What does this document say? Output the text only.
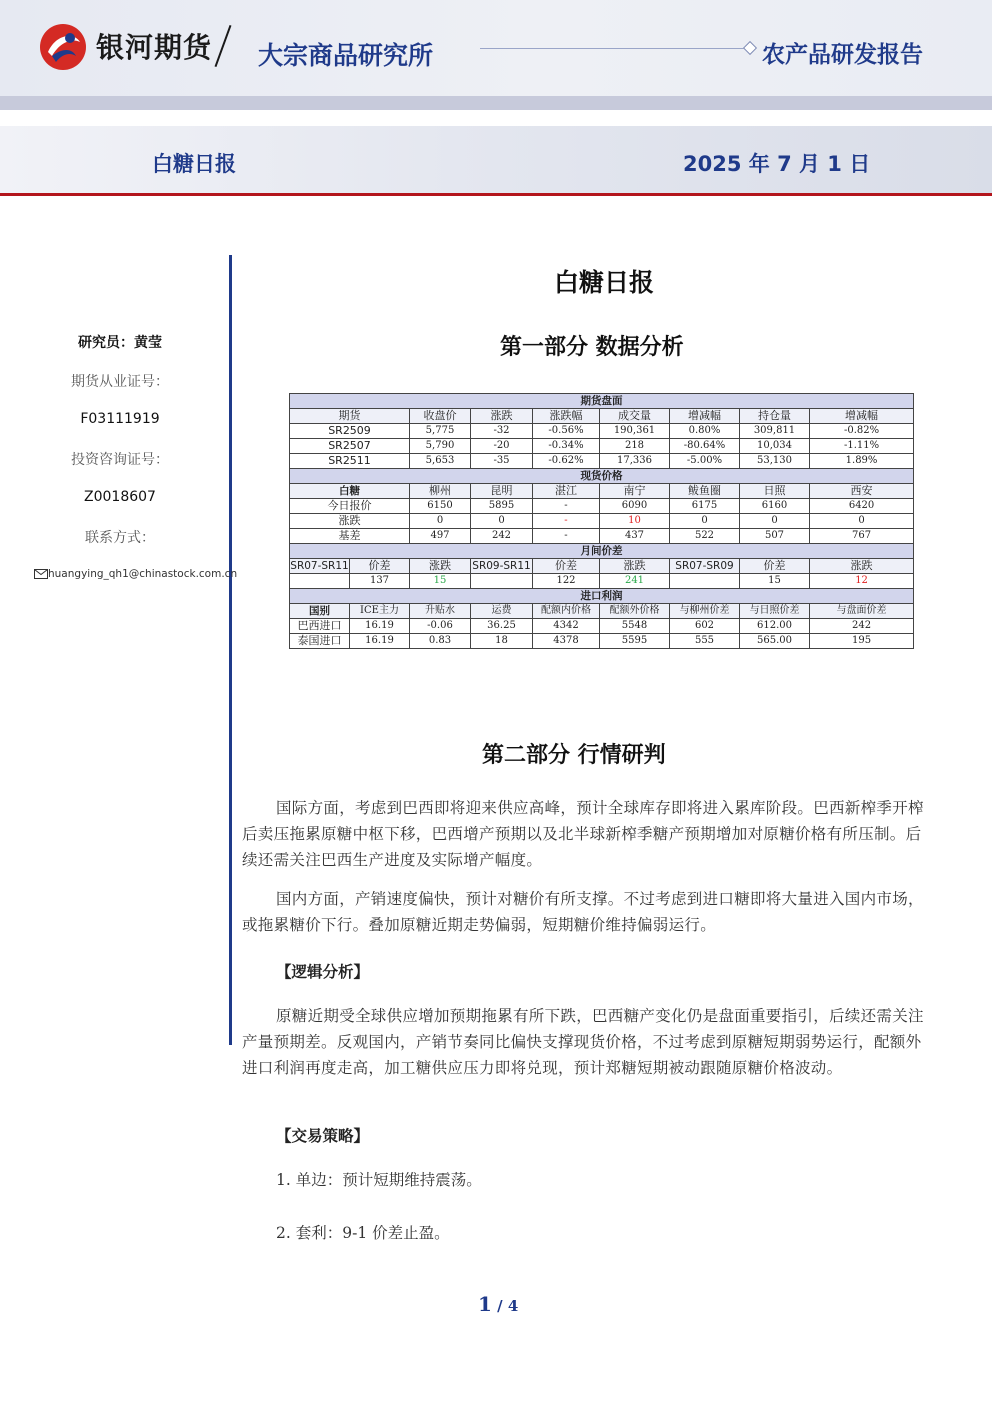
银河期货 大宗商品研究所	农产品研发报告
白糖日报	2025 年 7 月 1 日
研究员：黄莹
期货从业证号：
F03111919
投资咨询证号：
Z0018607
联系方式：
huangying_qh1@chinastock.com.cn
白糖日报
第一部分 数据分析
期货盘面								
期货		收盘价	涨跌	涨跌幅	成交量	增减幅	持仓量	增减幅
SR2509		5,775	-32	-0.56%	190,361	0.80%	309,811	-0.82%
SR2507		5,790	-20	-0.34%	218	-80.64%	10,034	-1.11%
SR2511		5,653	-35	-0.62%	17,336	-5.00%	53,130	1.89%
现货价格								
白糖		柳州	昆明	湛江	南宁	鲅鱼圈	日照	西安
今日报价		6150	5895	-	6090	6175	6160	6420
涨跌		0	0	-	10	0	0	0
基差		497	242	-	437	522	507	767
月间价差								
SR07-SR11	价差	涨跌	SR09-SR11	价差	涨跌	SR07-SR09	价差	涨跌
	137	15		122	241		15	12
进口利润								
国别	ICE主力	升贴水	运费	配额内价格	配额外价格	与柳州价差	与日照价差	与盘面价差
巴西进口	16.19	-0.06	36.25	4342	5548	602	612.00	242
泰国进口	16.19	0.83	18	4378	5595	555	565.00	195
第二部分 行情研判

国际方面，考虑到巴西即将迎来供应高峰，预计全球库存即将进入累库阶段。巴西新榨季开榨后卖压拖累原糖中枢下移，巴西增产预期以及北半球新榨季糖产预期增加对原糖价格有所压制。后续还需关注巴西生产进度及实际增产幅度。

国内方面，产销速度偏快，预计对糖价有所支撑。不过考虑到进口糖即将大量进入国内市场，或拖累糖价下行。叠加原糖近期走势偏弱，短期糖价维持偏弱运行。

【逻辑分析】

原糖近期受全球供应增加预期拖累有所下跌，巴西糖产变化仍是盘面重要指引，后续还需关注产量预期差。反观国内，产销节奏同比偏快支撑现货价格，不过考虑到原糖短期弱势运行，配额外进口利润再度走高，加工糖供应压力即将兑现，预计郑糖短期被动跟随原糖价格波动。

【交易策略】
1. 单边：预计短期维持震荡。
2. 套利：9-1 价差止盈。
1 / 4
